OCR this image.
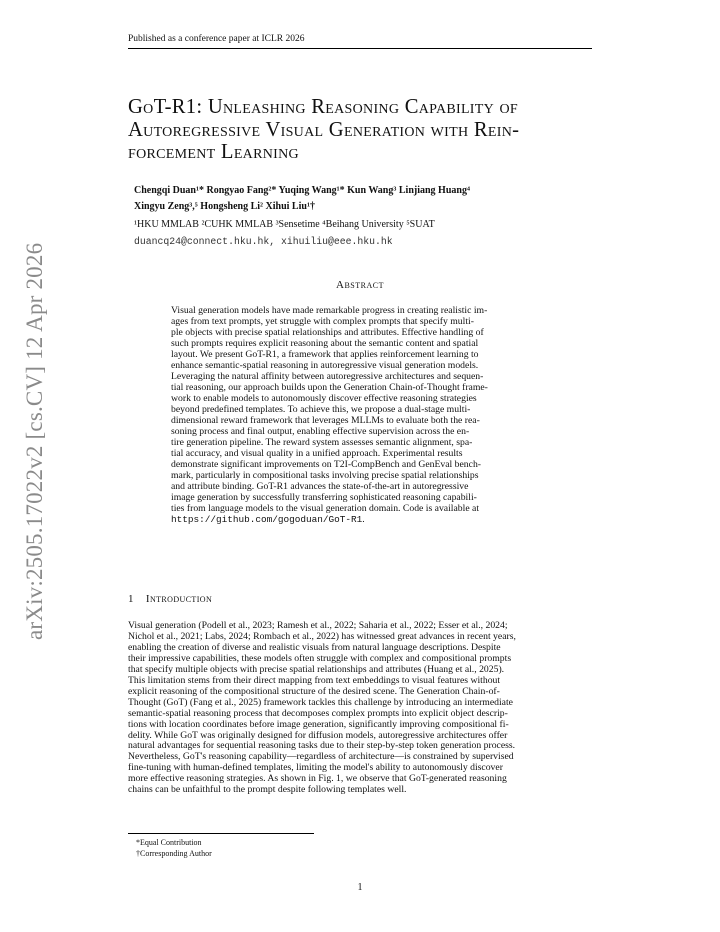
Published as a conference paper at ICLR 2026
arXiv:2505.17022v2 [cs.CV] 12 Apr 2026
GoT-R1: Unleashing Reasoning Capability of
Autoregressive Visual Generation with Rein-
forcement Learning
Chengqi Duan¹* Rongyao Fang²* Yuqing Wang¹* Kun Wang³ Linjiang Huang⁴
Xingyu Zeng³,⁵ Hongsheng Li² Xihui Liu¹†
¹HKU MMLAB ²CUHK MMLAB ³Sensetime ⁴Beihang University ⁵SUAT
duancq24@connect.hku.hk, xihuiliu@eee.hku.hk
Abstract
Visual generation models have made remarkable progress in creating realistic im-
ages from text prompts, yet struggle with complex prompts that specify multi-
ple objects with precise spatial relationships and attributes. Effective handling of
such prompts requires explicit reasoning about the semantic content and spatial
layout. We present GoT-R1, a framework that applies reinforcement learning to
enhance semantic-spatial reasoning in autoregressive visual generation models.
Leveraging the natural affinity between autoregressive architectures and sequen-
tial reasoning, our approach builds upon the Generation Chain-of-Thought frame-
work to enable models to autonomously discover effective reasoning strategies
beyond predefined templates. To achieve this, we propose a dual-stage multi-
dimensional reward framework that leverages MLLMs to evaluate both the rea-
soning process and final output, enabling effective supervision across the en-
tire generation pipeline. The reward system assesses semantic alignment, spa-
tial accuracy, and visual quality in a unified approach. Experimental results
demonstrate significant improvements on T2I-CompBench and GenEval bench-
mark, particularly in compositional tasks involving precise spatial relationships
and attribute binding. GoT-R1 advances the state-of-the-art in autoregressive
image generation by successfully transferring sophisticated reasoning capabili-
ties from language models to the visual generation domain. Code is available at
https://github.com/gogoduan/GoT-R1.
1 Introduction
Visual generation (Podell et al., 2023; Ramesh et al., 2022; Saharia et al., 2022; Esser et al., 2024;
Nichol et al., 2021; Labs, 2024; Rombach et al., 2022) has witnessed great advances in recent years,
enabling the creation of diverse and realistic visuals from natural language descriptions. Despite
their impressive capabilities, these models often struggle with complex and compositional prompts
that specify multiple objects with precise spatial relationships and attributes (Huang et al., 2025).
This limitation stems from their direct mapping from text embeddings to visual features without
explicit reasoning of the compositional structure of the desired scene. The Generation Chain-of-
Thought (GoT) (Fang et al., 2025) framework tackles this challenge by introducing an intermediate
semantic-spatial reasoning process that decomposes complex prompts into explicit object descrip-
tions with location coordinates before image generation, significantly improving compositional fi-
delity. While GoT was originally designed for diffusion models, autoregressive architectures offer
natural advantages for sequential reasoning tasks due to their step-by-step token generation process.
Nevertheless, GoT's reasoning capability—regardless of architecture—is constrained by supervised
fine-tuning with human-defined templates, limiting the model's ability to autonomously discover
more effective reasoning strategies. As shown in Fig. 1, we observe that GoT-generated reasoning
chains can be unfaithful to the prompt despite following templates well.
*Equal Contribution
†Corresponding Author
1
